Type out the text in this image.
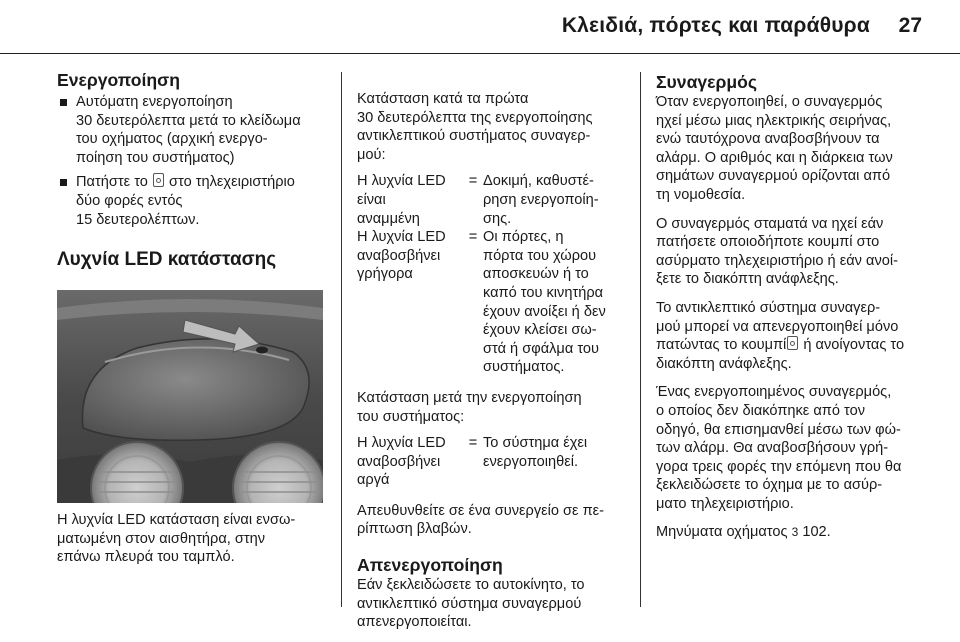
Κλειδιά, πόρτες και παράθυρα 27
Ενεργοποίηση
Αυτόματη ενεργοποίηση
30 δευτερόλεπτα μετά το κλείδωμα
του οχήματος (αρχική ενεργο-
ποίηση του συστήματος)
Πατήστε το στο τηλεχειριστήριο
δύο φορές εντός
15 δευτερολέπτων.
Λυχνία LED κατάστασης

Η λυχνία LED κατάσταση είναι ενσω-
ματωμένη στον αισθητήρα, στην
επάνω πλευρά του ταμπλό.

Κατάσταση κατά τα πρώτα
30 δευτερόλεπτα της ενεργοποίησης
αντικλεπτικού συστήματος συναγερ-
μού:

Η λυχνία LED
είναι
αναμμένη
= Δοκιμή, καθυστέ-
ρηση ενεργοποίη-
σης.
Η λυχνία LED
αναβοσβήνει
γρήγορα
= Οι πόρτες, η
πόρτα του χώρου
αποσκευών ή το
καπό του κινητήρα
έχουν ανοίξει ή δεν
έχουν κλείσει σω-
στά ή σφάλμα του
συστήματος.

Κατάσταση μετά την ενεργοποίηση
του συστήματος:

Η λυχνία LED
αναβοσβήνει
αργά
= Το σύστημα έχει
ενεργοποιηθεί.

Απευθυνθείτε σε ένα συνεργείο σε πε-
ρίπτωση βλαβών.

Απενεργοποίηση

Εάν ξεκλειδώσετε το αυτοκίνητο, το
αντικλεπτικό σύστημα συναγερμού
απενεργοποιείται.

Συναγερμός

Όταν ενεργοποιηθεί, ο συναγερμός
ηχεί μέσω μιας ηλεκτρικής σειρήνας,
ενώ ταυτόχρονα αναβοσβήνουν τα
αλάρμ. Ο αριθμός και η διάρκεια των
σημάτων συναγερμού ορίζονται από
τη νομοθεσία.

Ο συναγερμός σταματά να ηχεί εάν
πατήσετε οποιοδήποτε κουμπί στο
ασύρματο τηλεχειριστήριο ή εάν ανοί-
ξετε το διακόπτη ανάφλεξης.

Το αντικλεπτικό σύστημα συναγερ-
μού μπορεί να απενεργοποιηθεί μόνο
πατώντας το κουμπί ή ανοίγοντας το
διακόπτη ανάφλεξης.

Ένας ενεργοποιημένος συναγερμός,
ο οποίος δεν διακόπηκε από τον
οδηγό, θα επισημανθεί μέσω των φώ-
των αλάρμ. Θα αναβοσβήσουν γρή-
γορα τρεις φορές την επόμενη που θα
ξεκλειδώσετε το όχημα με το ασύρ-
ματο τηλεχειριστήριο.

Μηνύματα οχήματος 3 102.
